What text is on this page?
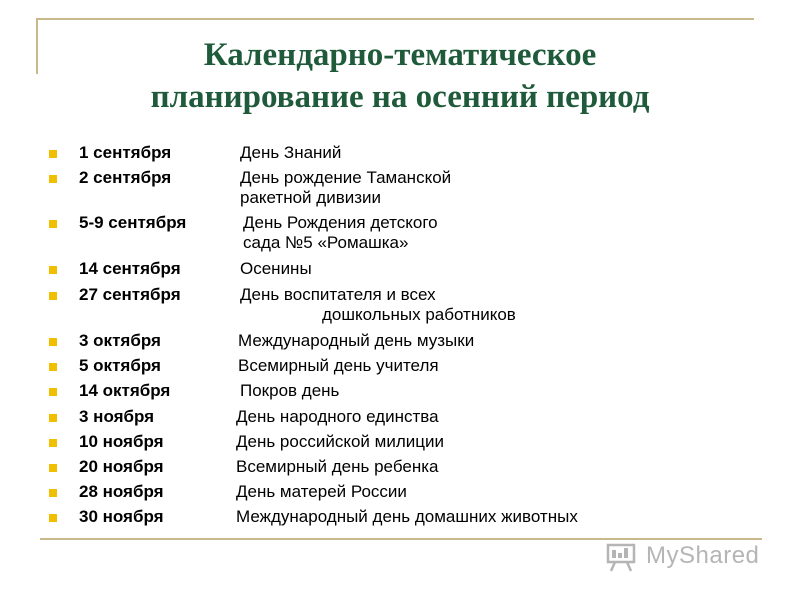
Календарно-тематическое
планирование на осенний период
1 сентября	День Знаний
2 сентября	День рождение Таманской
ракетной дивизии
5-9 сентября	День Рождения детского
сада №5 «Ромашка»
14 сентября	Осенины
27 сентября	День воспитателя и всех
дошкольных работников
3 октября	Международный день музыки
5 октября	Всемирный день учителя
14 октября	Покров день
3 ноября	День народного единства
10 ноября	День российской милиции
20 ноября	Всемирный день ребенка
28 ноября	День матерей России
30 ноября	Международный день домашних животных
MyShared
